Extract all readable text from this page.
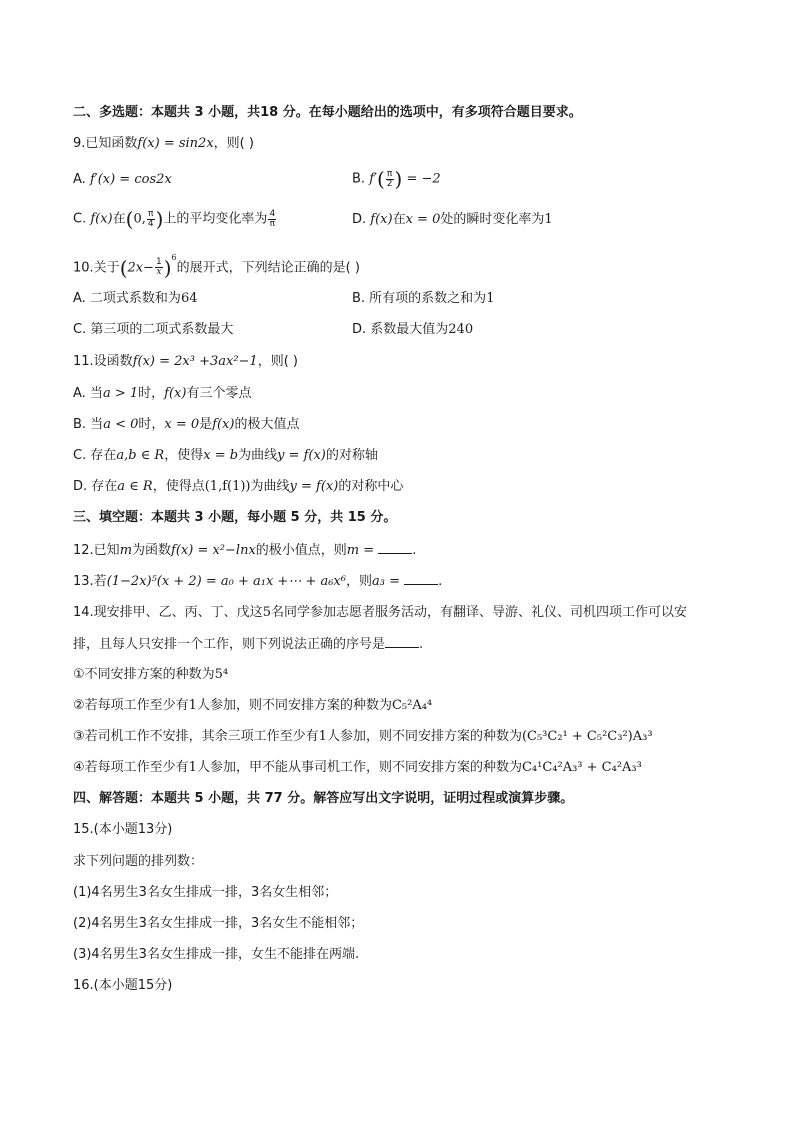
二、多选题：本题共 3 小题，共18 分。在每小题给出的选项中，有多项符合题目要求。
9.已知函数f(x) = sin2x，则( )
A. f′(x) = cos2x	B. $f'( \frac{\pi}{2}$ ) = −2
C. f(x)在(0, $\frac{\pi}{4}$ )上的平均变化率为 $\frac{4}{\pi}$	D. f(x)在x = 0处的瞬时变化率为1
10.关于$(2x- \frac{1}{x} )^6$的展开式，下列结论正确的是( )
A. 二项式系数和为64	B. 所有项的系数之和为1
C. 第三项的二项式系数最大	D. 系数最大值为240
11.设函数f(x) = 2x³ +3ax²−1，则( )
A. 当a > 1时，f(x)有三个零点
B. 当a < 0时，x = 0是f(x)的极大值点
C. 存在a,b ∈ R，使得x = b为曲线y = f(x)的对称轴
D. 存在a ∈ R，使得点(1,f(1))为曲线y = f(x)的对称中心
三、填空题：本题共 3 小题，每小题 5 分，共 15 分。
12.已知m为函数f(x) = x²−lnx的极小值点，则m =	.
13.若(1−2x)⁵(x + 2) = a₀ + a₁x +⋯ + a₆x⁶，则a₃ =	.
14.现安排甲、乙、丙、丁、戊这5名同学参加志愿者服务活动，有翻译、导游、礼仪、司机四项工作可以安
排，且每人只安排一个工作，则下列说法正确的序号是	.
①不同安排方案的种数为5⁴
②若每项工作至少有1人参加，则不同安排方案的种数为C₅²A₄⁴
③若司机工作不安排，其余三项工作至少有1人参加，则不同安排方案的种数为(C₅³C₂¹ + C₅²C₃²)A₃³
④若每项工作至少有1人参加，甲不能从事司机工作，则不同安排方案的种数为C₄¹C₄²A₃³ + C₄²A₃³
四、解答题：本题共 5 小题，共 77 分。解答应写出文字说明，证明过程或演算步骤。
15.(本小题13分)
求下列问题的排列数：
(1)4名男生3名女生排成一排，3名女生相邻；
(2)4名男生3名女生排成一排，3名女生不能相邻；
(3)4名男生3名女生排成一排，女生不能排在两端.
16.(本小题15分)
